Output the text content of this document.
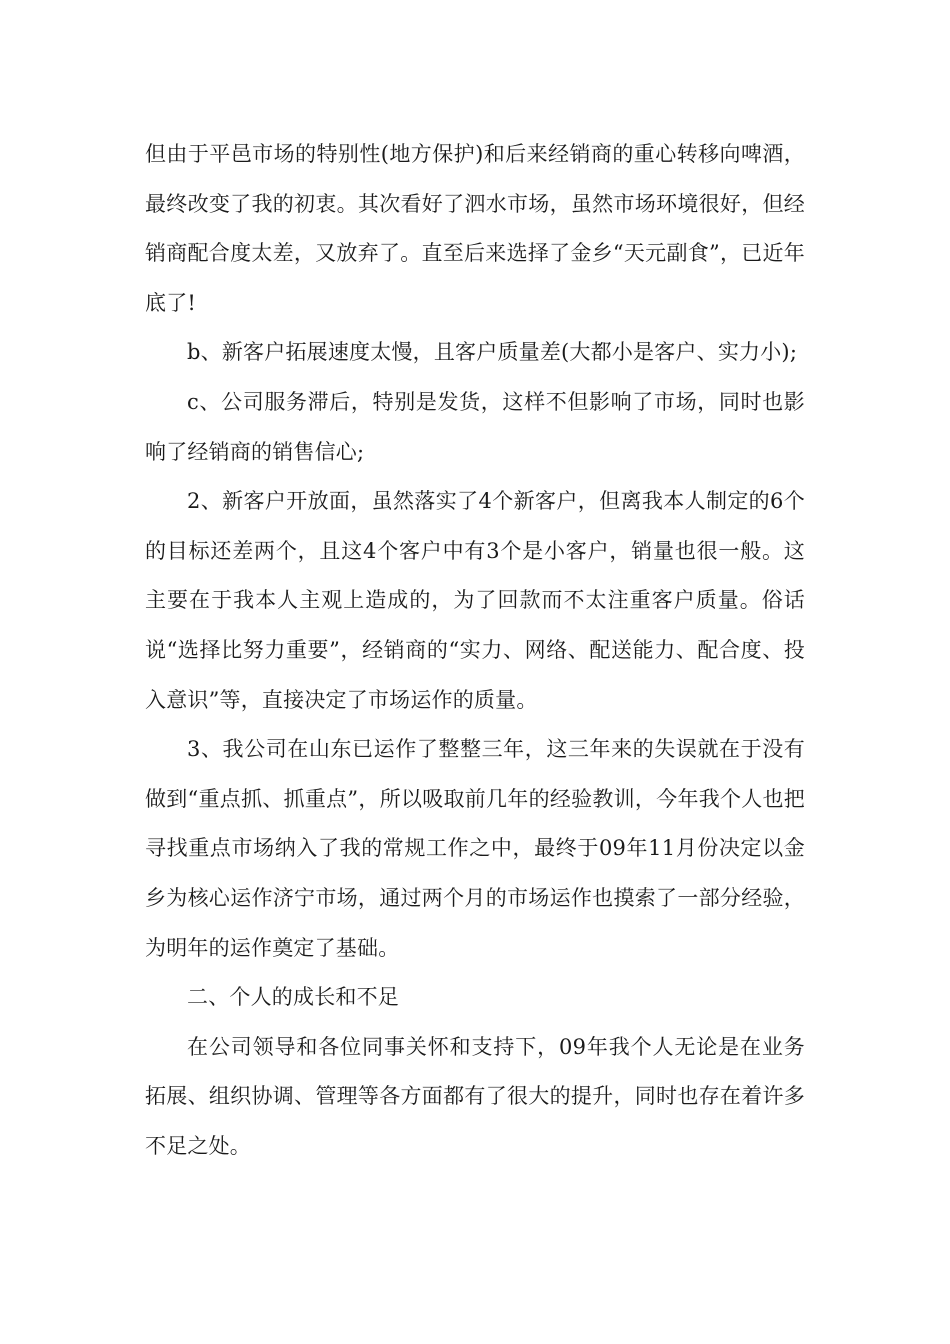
但由于平邑市场的特别性(地方保护)和后来经销商的重心转移向啤酒，最终改变了我的初衷。其次看好了泗水市场，虽然市场环境很好，但经销商配合度太差，又放弃了。直至后来选择了金乡“天元副食”，已近年底了!

b、新客户拓展速度太慢，且客户质量差(大都小是客户、实力小);

c、公司服务滞后，特别是发货，这样不但影响了市场，同时也影响了经销商的销售信心;

2、新客户开放面，虽然落实了4个新客户，但离我本人制定的6个的目标还差两个，且这4个客户中有3个是小客户，销量也很一般。这主要在于我本人主观上造成的，为了回款而不太注重客户质量。俗话说“选择比努力重要”，经销商的“实力、网络、配送能力、配合度、投入意识”等，直接决定了市场运作的质量。

3、我公司在山东已运作了整整三年，这三年来的失误就在于没有做到“重点抓、抓重点”，所以吸取前几年的经验教训，今年我个人也把寻找重点市场纳入了我的常规工作之中，最终于09年11月份决定以金乡为核心运作济宁市场，通过两个月的市场运作也摸索了一部分经验，为明年的运作奠定了基础。

二、个人的成长和不足

在公司领导和各位同事关怀和支持下，09年我个人无论是在业务拓展、组织协调、管理等各方面都有了很大的提升，同时也存在着许多不足之处。
